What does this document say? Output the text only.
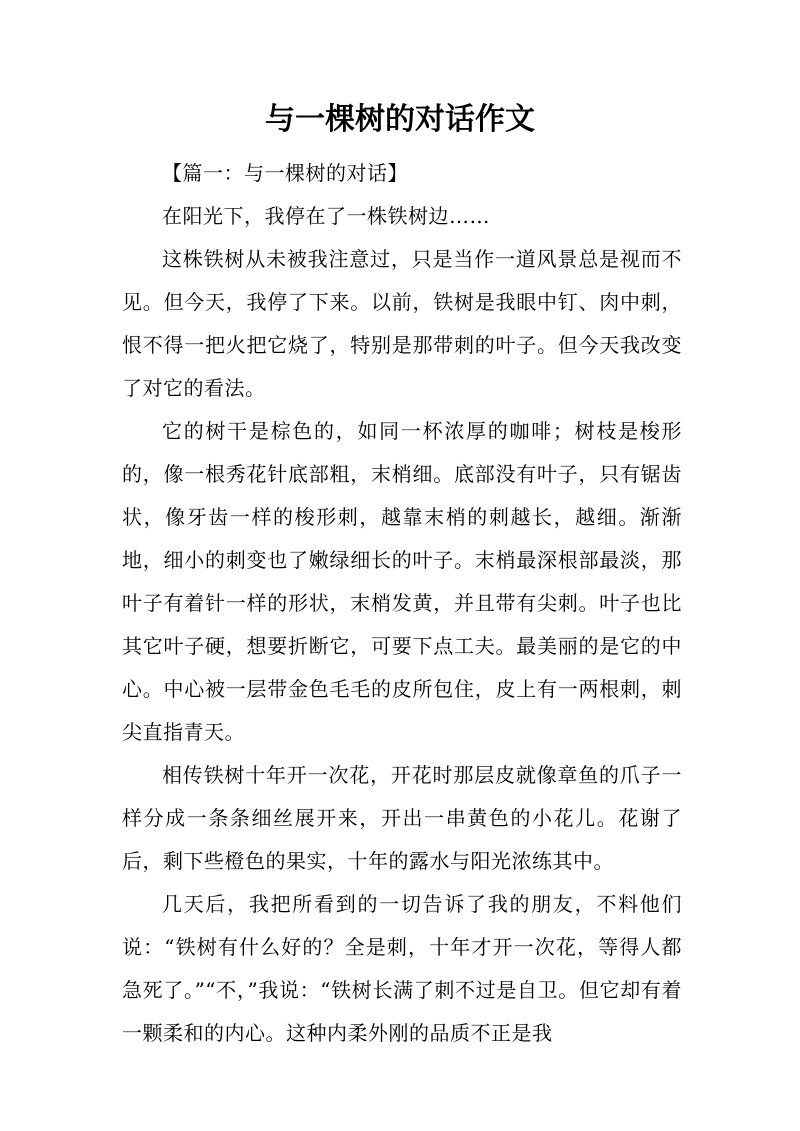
与一棵树的对话作文

【篇一：与一棵树的对话】

在阳光下，我停在了一株铁树边……

这株铁树从未被我注意过，只是当作一道风景总是视而不见。但今天，我停了下来。以前，铁树是我眼中钉、肉中刺，恨不得一把火把它烧了，特别是那带刺的叶子。但今天我改变了对它的看法。

它的树干是棕色的，如同一杯浓厚的咖啡；树枝是梭形的，像一根秀花针底部粗，末梢细。底部没有叶子，只有锯齿状，像牙齿一样的梭形刺，越靠末梢的刺越长，越细。渐渐地，细小的刺变也了嫩绿细长的叶子。末梢最深根部最淡，那叶子有着针一样的形状，末梢发黄，并且带有尖刺。叶子也比其它叶子硬，想要折断它，可要下点工夫。最美丽的是它的中心。中心被一层带金色毛毛的皮所包住，皮上有一两根刺，刺尖直指青天。

相传铁树十年开一次花，开花时那层皮就像章鱼的爪子一样分成一条条细丝展开来，开出一串黄色的小花儿。花谢了后，剩下些橙色的果实，十年的露水与阳光浓练其中。

几天后，我把所看到的一切告诉了我的朋友，不料他们说：“铁树有什么好的？全是刺，十年才开一次花，等得人都急死了。”“不，”我说：“铁树长满了刺不过是自卫。但它却有着一颗柔和的内心。这种内柔外刚的品质不正是我
